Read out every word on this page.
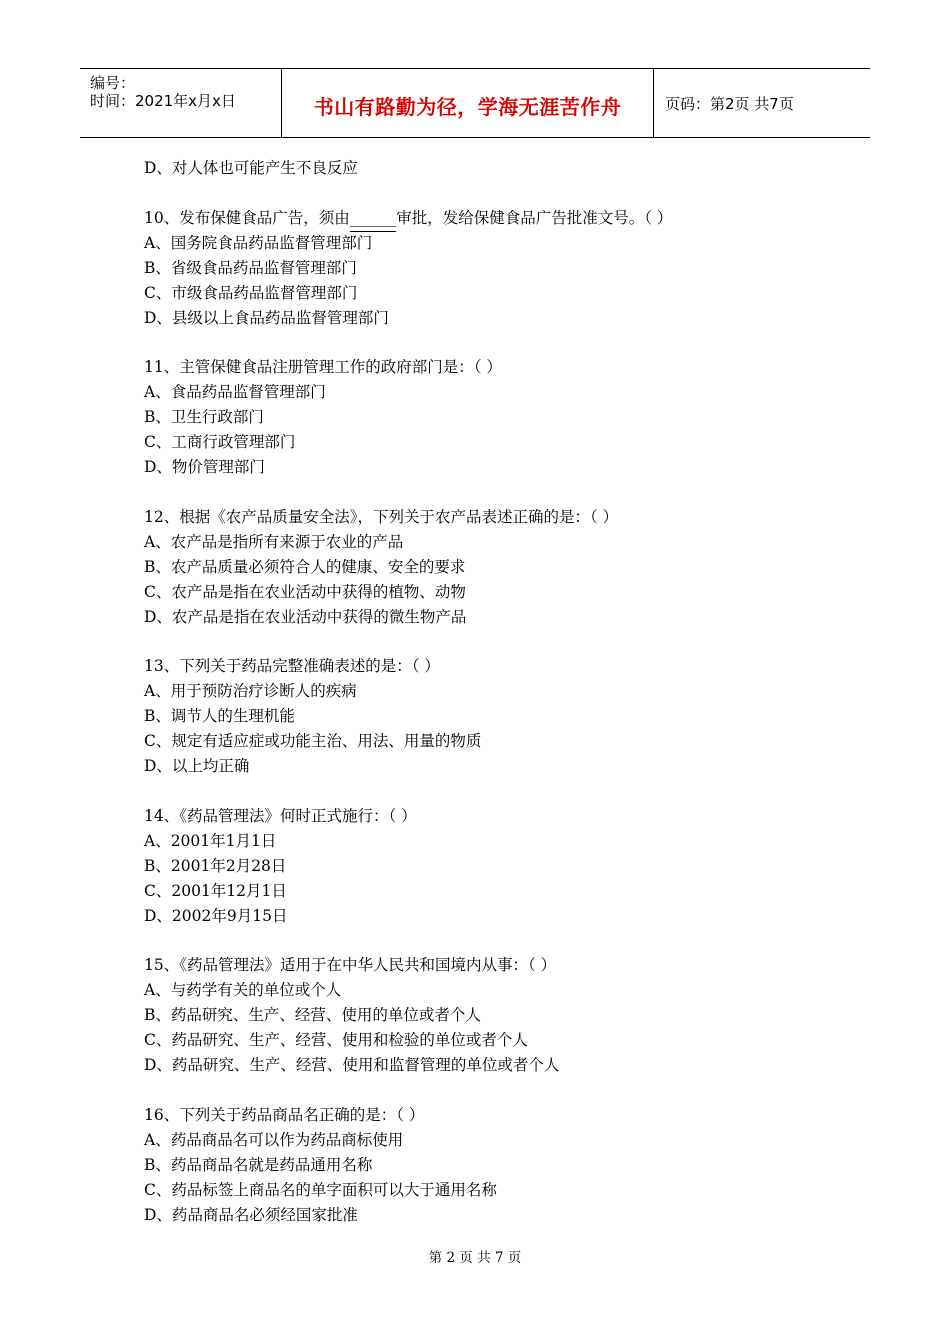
编号：
时间：2021年x月x日	书山有路勤为径，学海无涯苦作舟	页码：第2页 共7页
D、对人体也可能产生不良反应
10、发布保健食品广告，须由______审批，发给保健食品广告批准文号。（ ）
A、国务院食品药品监督管理部门
B、省级食品药品监督管理部门
C、市级食品药品监督管理部门
D、县级以上食品药品监督管理部门
11、主管保健食品注册管理工作的政府部门是：（ ）
A、食品药品监督管理部门
B、卫生行政部门
C、工商行政管理部门
D、物价管理部门
12、根据《农产品质量安全法》，下列关于农产品表述正确的是：（ ）
A、农产品是指所有来源于农业的产品
B、农产品质量必须符合人的健康、安全的要求
C、农产品是指在农业活动中获得的植物、动物
D、农产品是指在农业活动中获得的微生物产品
13、下列关于药品完整准确表述的是：（ ）
A、用于预防治疗诊断人的疾病
B、调节人的生理机能
C、规定有适应症或功能主治、用法、用量的物质
D、以上均正确
14、《药品管理法》何时正式施行：（ ）
A、2001年1月1日
B、2001年2月28日
C、2001年12月1日
D、2002年9月15日
15、《药品管理法》适用于在中华人民共和国境内从事：（ ）
A、与药学有关的单位或个人
B、药品研究、生产、经营、使用的单位或者个人
C、药品研究、生产、经营、使用和检验的单位或者个人
D、药品研究、生产、经营、使用和监督管理的单位或者个人
16、下列关于药品商品名正确的是：（ ）
A、药品商品名可以作为药品商标使用
B、药品商品名就是药品通用名称
C、药品标签上商品名的单字面积可以大于通用名称
D、药品商品名必须经国家批准
第 2 页 共 7 页
